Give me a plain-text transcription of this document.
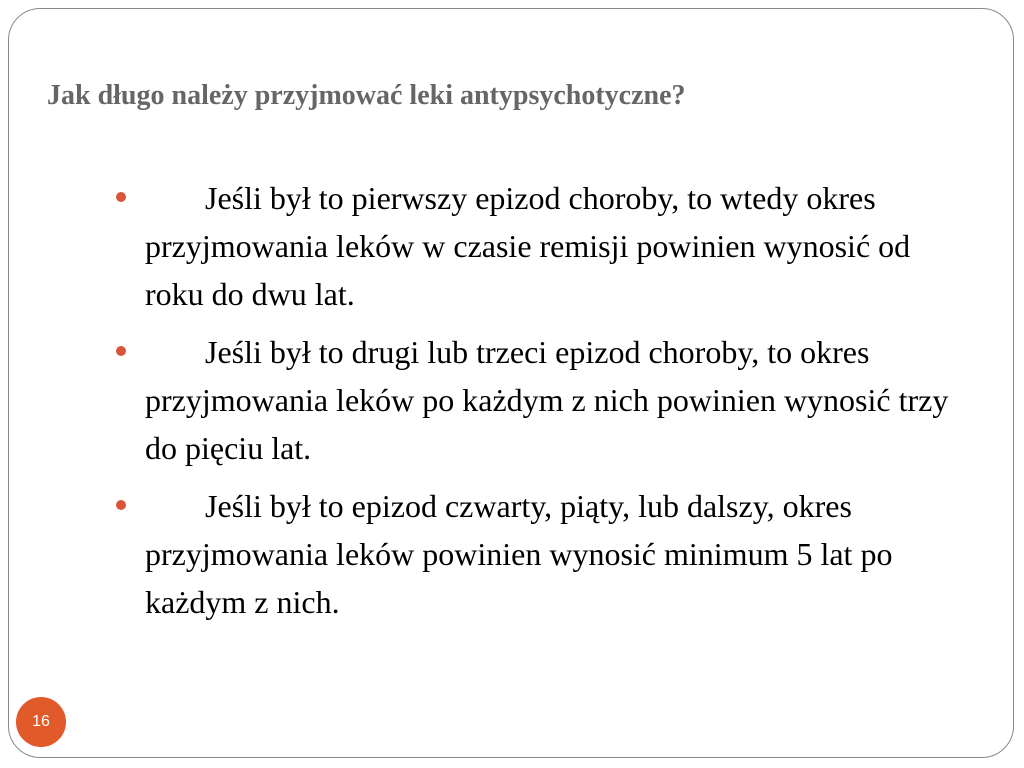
Jak długo należy przyjmować leki antypsychotyczne?
Jeśli był to pierwszy epizod choroby, to wtedy okres przyjmowania leków w czasie remisji powinien wynosić od roku do dwu lat.
Jeśli był to drugi lub trzeci epizod choroby, to okres przyjmowania leków po każdym z nich powinien wynosić trzy do pięciu lat.
Jeśli był to epizod czwarty, piąty, lub dalszy, okres przyjmowania leków powinien wynosić minimum 5 lat po każdym z nich.
16
